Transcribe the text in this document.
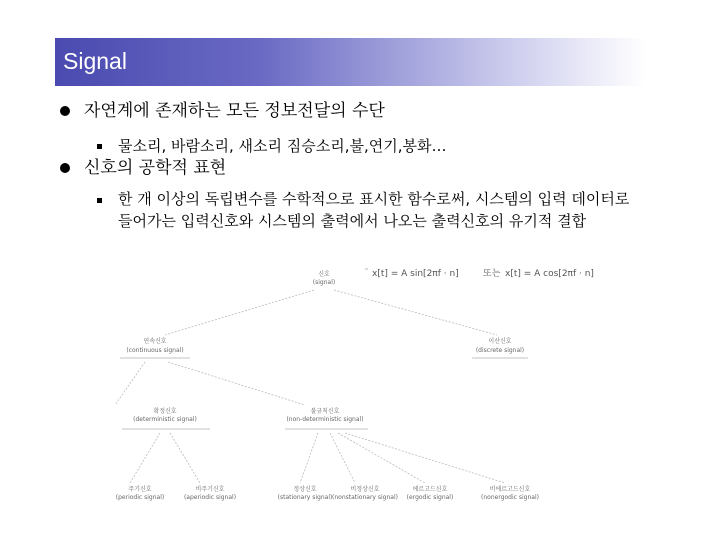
Signal
자연계에 존재하는 모든 정보전달의 수단
물소리, 바람소리, 새소리 짐승소리,불,연기,봉화…
신호의 공학적 표현
한 개 이상의 독립변수를 수학적으로 표시한 함수로써, 시스템의 입력 데이터로 들어가는 입력신호와 시스템의 출력에서 나오는 출력신호의 유기적 결합
x[t] = A sin[2πf · n]	또는 x[t] = A cos[2πf · n]
신호
(signal)
연속신호
(continuous signal)
이산신호
(discrete signal)
확정신호
(deterministic signal)
불규칙신호
(non-deterministic signal)
주기신호
(periodic signal)
비주기신호
(aperiodic signal)
정상신호
(stationary signal)
비정상신호
(nonstationary signal)
에르고드신호
(ergodic signal)
비에르고드신호
(nonergodic signal)
